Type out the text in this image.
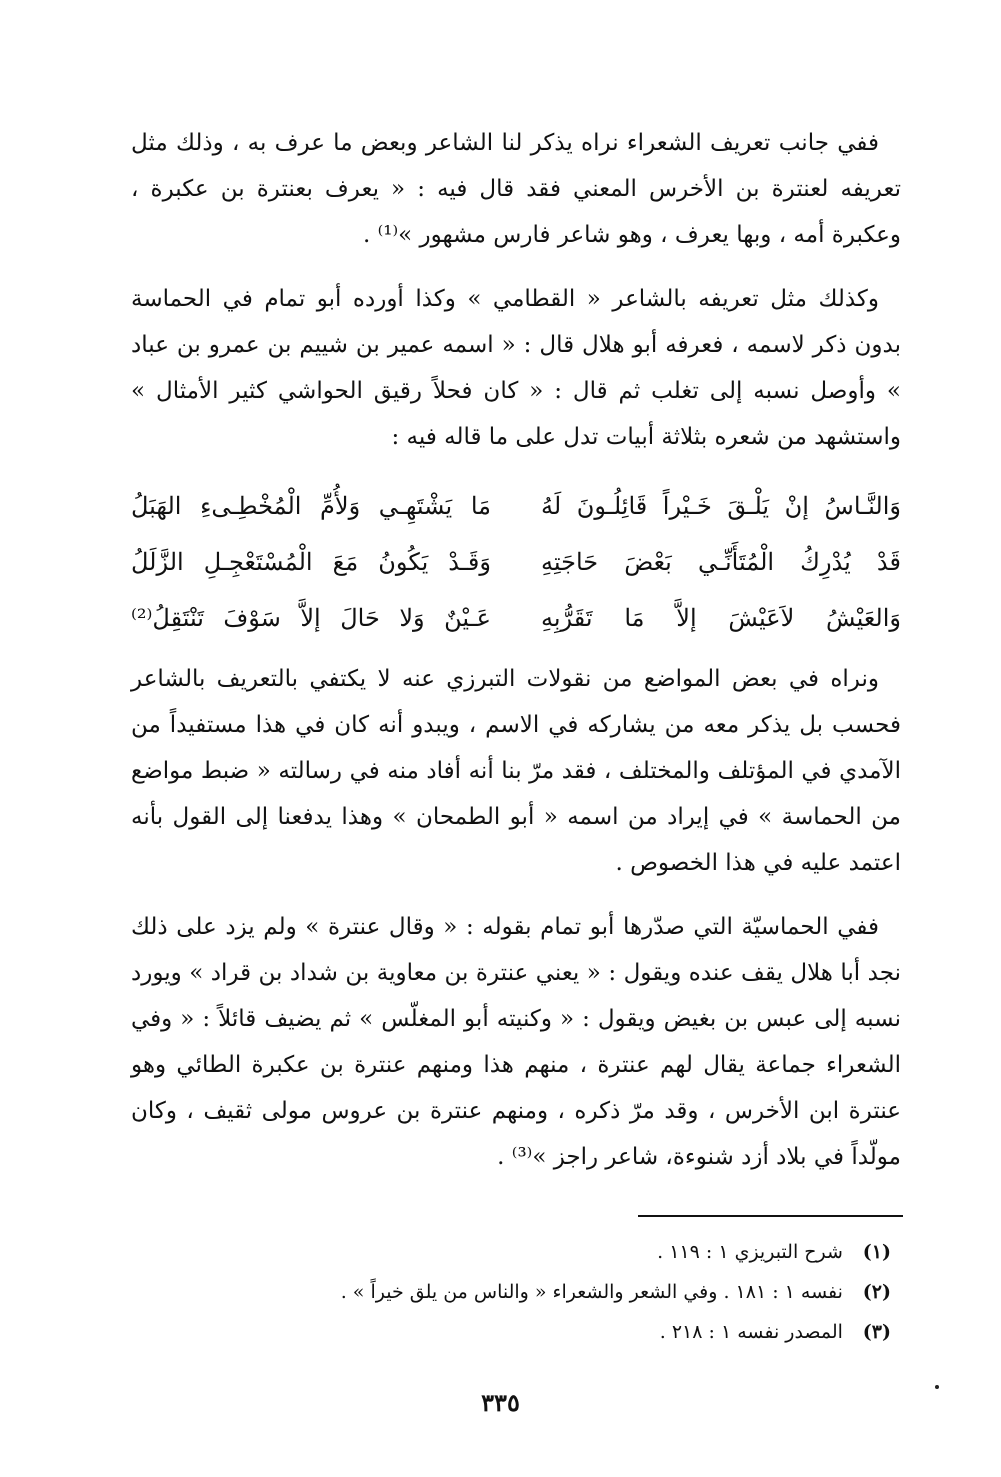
ففي جانب تعريف الشعراء نراه يذكر لنا الشاعر وبعض ما عرف به ، وذلك مثل تعريفه لعنترة بن الأخرس المعني فقد قال فيه : « يعرف بعنترة بن عكبرة ، وعكبرة أمه ، وبها يعرف ، وهو شاعر فارس مشهور »⁽¹⁾ .

وكذلك مثل تعريفه بالشاعر « القطامي » وكذا أورده أبو تمام في الحماسة بدون ذكر لاسمه ، فعرفه أبو هلال قال : « اسمه عمير بن شييم بن عمرو بن عباد » وأوصل نسبه إلى تغلب ثم قال : « كان فحلاً رقيق الحواشي كثير الأمثال » واستشهد من شعره بثلاثة أبيات تدل على ما قاله فيه :

وَالنَّـاسُ إنْ يَلْـقَ خَـيْراً قَائِلُـونَ لَهُ
مَا يَشْتَهِـي وَلأُمِّ الْمُخْطِـىءِ الهَبَلُ
قَدْ يُدْرِكُ الْمُتَأَنِّـي بَعْضَ حَاجَتِهِ
وَقَـدْ يَكُونُ مَعَ الْمُسْتَعْجِـلِ الزَّلَلُ
وَالعَيْشُ لاَعَيْشَ إلاَّ مَا تَقَرُّبِهِ
عَـيْنٌ وَلا حَالَ إلاَّ سَوْفَ تَنْتَقِلُ⁽²⁾

ونراه في بعض المواضع من نقولات التبرزي عنه لا يكتفي بالتعريف بالشاعر فحسب بل يذكر معه من يشاركه في الاسم ، ويبدو أنه كان في هذا مستفيداً من الآمدي في المؤتلف والمختلف ، فقد مرّ بنا أنه أفاد منه في رسالته « ضبط مواضع من الحماسة » في إيراد من اسمه « أبو الطمحان » وهذا يدفعنا إلى القول بأنه اعتمد عليه في هذا الخصوص .

ففي الحماسيّة التي صدّرها أبو تمام بقوله : « وقال عنترة » ولم يزد على ذلك نجد أبا هلال يقف عنده ويقول : « يعني عنترة بن معاوية بن شداد بن قراد » ويورد نسبه إلى عبس بن بغيض ويقول : « وكنيته أبو المغلّس » ثم يضيف قائلاً : « وفي الشعراء جماعة يقال لهم عنترة ، منهم هذا ومنهم عنترة بن عكبرة الطائي وهو عنترة ابن الأخرس ، وقد مرّ ذكره ، ومنهم عنترة بن عروس مولى ثقيف ، وكان مولّداً في بلاد أزد شنوءة، شاعر راجز »⁽³⁾ .

(١) شرح التبريزي ١ : ١١٩ .
(٢) نفسه ١ : ١٨١ . وفي الشعر والشعراء « والناس من يلق خيراً » .
(٣) المصدر نفسه ١ : ٢١٨ .
٣٣٥
